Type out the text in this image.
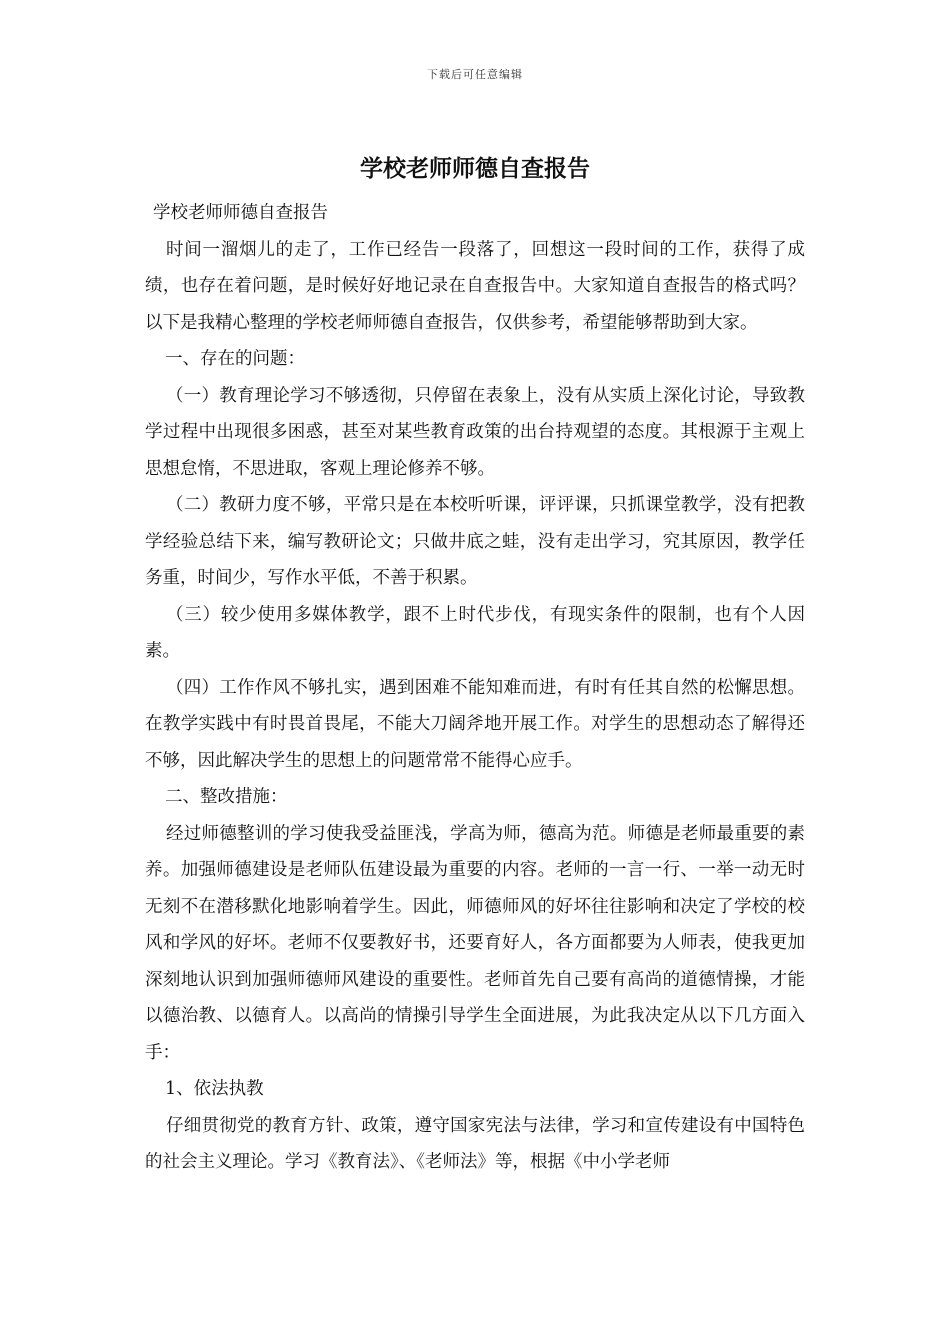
下载后可任意编辑
学校老师师德自查报告

学校老师师德自查报告

时间一溜烟儿的走了，工作已经告一段落了，回想这一段时间的工作，获得了成绩，也存在着问题，是时候好好地记录在自查报告中。大家知道自查报告的格式吗？以下是我精心整理的学校老师师德自查报告，仅供参考，希望能够帮助到大家。

一、存在的问题：

（一）教育理论学习不够透彻，只停留在表象上，没有从实质上深化讨论，导致教学过程中出现很多困惑，甚至对某些教育政策的出台持观望的态度。其根源于主观上思想怠惰，不思进取，客观上理论修养不够。

（二）教研力度不够，平常只是在本校听听课，评评课，只抓课堂教学，没有把教学经验总结下来，编写教研论文；只做井底之蛙，没有走出学习，究其原因，教学任务重，时间少，写作水平低，不善于积累。

（三）较少使用多媒体教学，跟不上时代步伐，有现实条件的限制，也有个人因素。

（四）工作作风不够扎实，遇到困难不能知难而进，有时有任其自然的松懈思想。在教学实践中有时畏首畏尾，不能大刀阔斧地开展工作。对学生的思想动态了解得还不够，因此解决学生的思想上的问题常常不能得心应手。

二、整改措施：

经过师德整训的学习使我受益匪浅，学高为师，德高为范。师德是老师最重要的素养。加强师德建设是老师队伍建设最为重要的内容。老师的一言一行、一举一动无时无刻不在潜移默化地影响着学生。因此，师德师风的好坏往往影响和决定了学校的校风和学风的好坏。老师不仅要教好书，还要育好人，各方面都要为人师表，使我更加深刻地认识到加强师德师风建设的重要性。老师首先自己要有高尚的道德情操，才能以德治教、以德育人。以高尚的情操引导学生全面进展，为此我决定从以下几方面入手：

1、依法执教

仔细贯彻党的教育方针、政策，遵守国家宪法与法律，学习和宣传建设有中国特色的社会主义理论。学习《教育法》、《老师法》等，根据《中小学老师
